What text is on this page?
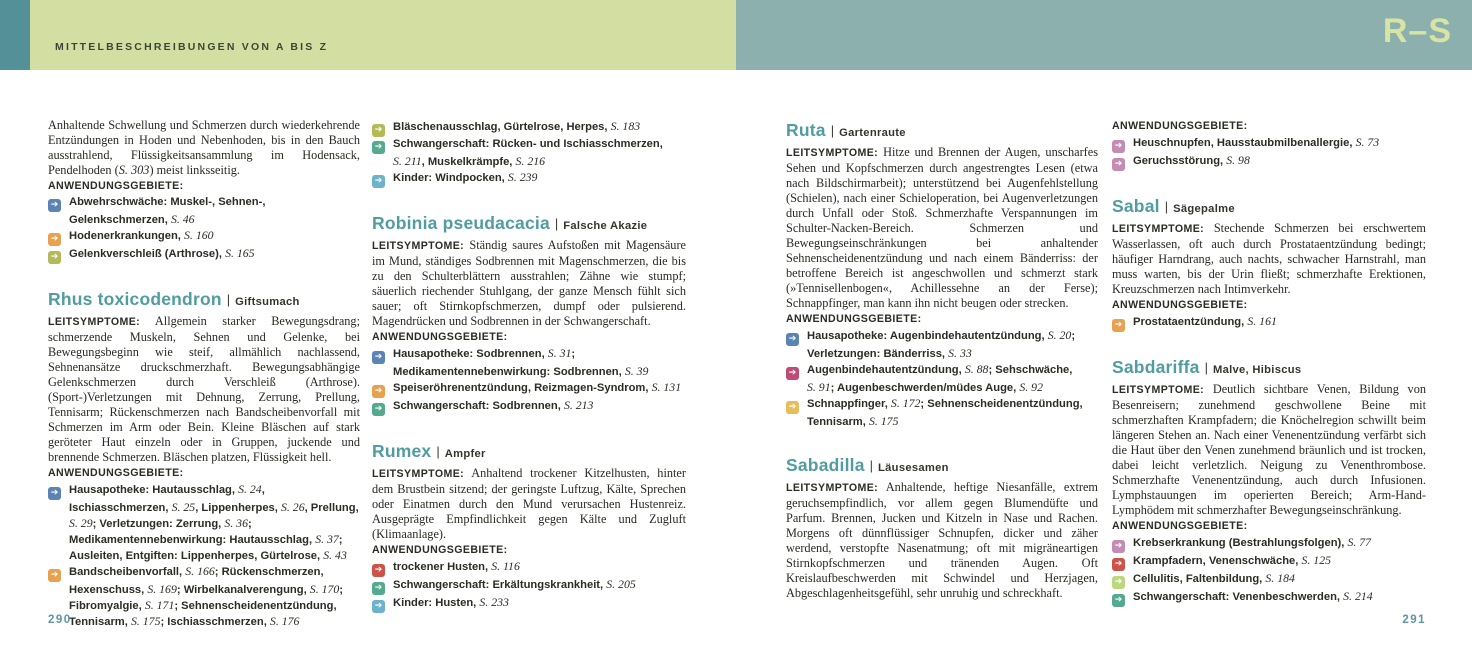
MITTELBESCHREIBUNGEN VON A BIS Z	R–S

Anhaltende Schwellung und Schmerzen durch wiederkehrende Entzündungen in Hoden und Nebenhoden, bis in den Bauch ausstrahlend, Flüssigkeitsansammlung im Hodensack, Pendelhoden (S. 303) meist linksseitig.

ANWENDUNGSGEBIETE:
➔ Abwehrschwäche: Muskel-, Sehnen-, Gelenkschmerzen, S. 46
➔ Hodenerkrankungen, S. 160
➔ Gelenkverschleiß (Arthrose), S. 165
Rhus toxicodendron | Giftsumach

LEITSYMPTOME: Allgemein starker Bewegungsdrang; schmerzende Muskeln, Sehnen und Gelenke, bei Bewegungsbeginn wie steif, allmählich nachlassend, Sehnenansätze druckschmerzhaft. Bewegungsabhängige Gelenkschmerzen durch Verschleiß (Arthrose). (Sport-)Verletzungen mit Dehnung, Zerrung, Prellung, Tennisarm; Rückenschmerzen nach Bandscheibenvorfall mit Schmerzen im Arm oder Bein. Kleine Bläschen auf stark geröteter Haut einzeln oder in Gruppen, juckende und brennende Schmerzen. Bläschen platzen, Flüssigkeit hell.

ANWENDUNGSGEBIETE:
➔ Hausapotheke: Hautausschlag, S. 24, Ischiasschmerzen, S. 25, Lippenherpes, S. 26, Prellung, S. 29; Verletzungen: Zerrung, S. 36; Medikamentennebenwirkung: Hautausschlag, S. 37; Ausleiten, Entgiften: Lippenherpes, Gürtelrose, S. 43
➔ Bandscheibenvorfall, S. 166; Rückenschmerzen, Hexenschuss, S. 169; Wirbelkanalverengung, S. 170; Fibromyalgie, S. 171; Sehnenscheidenentzündung, Tennisarm, S. 175; Ischiasschmerzen, S. 176
➔ Bläschenausschlag, Gürtelrose, Herpes, S. 183
➔ Schwangerschaft: Rücken- und Ischiasschmerzen, S. 211, Muskelkrämpfe, S. 216
➔ Kinder: Windpocken, S. 239
Robinia pseudacacia | Falsche Akazie

LEITSYMPTOME: Ständig saures Aufstoßen mit Magensäure im Mund, ständiges Sodbrennen mit Magenschmerzen, die bis zu den Schulterblättern ausstrahlen; Zähne wie stumpf; säuerlich riechender Stuhlgang, der ganze Mensch fühlt sich sauer; oft Stirnkopfschmerzen, dumpf oder pulsierend. Magendrücken und Sodbrennen in der Schwangerschaft.

ANWENDUNGSGEBIETE:
➔ Hausapotheke: Sodbrennen, S. 31; Medikamentennebenwirkung: Sodbrennen, S. 39
➔ Speiseröhrenentzündung, Reizmagen-Syndrom, S. 131
➔ Schwangerschaft: Sodbrennen, S. 213
Rumex | Ampfer

LEITSYMPTOME: Anhaltend trockener Kitzelhusten, hinter dem Brustbein sitzend; der geringste Luftzug, Kälte, Sprechen oder Einatmen durch den Mund verursachen Hustenreiz. Ausgeprägte Empfindlichkeit gegen Kälte und Zugluft (Klimaanlage).

ANWENDUNGSGEBIETE:
➔ trockener Husten, S. 116
➔ Schwangerschaft: Erkältungskrankheit, S. 205
➔ Kinder: Husten, S. 233
Ruta | Gartenraute

LEITSYMPTOME: Hitze und Brennen der Augen, unscharfes Sehen und Kopfschmerzen durch angestrengtes Lesen (etwa nach Bildschirmarbeit); unterstützend bei Augenfehlstellung (Schielen), nach einer Schieloperation, bei Augenverletzungen durch Unfall oder Stoß. Schmerzhafte Verspannungen im Schulter-Nacken-Bereich. Schmerzen und Bewegungseinschränkungen bei anhaltender Sehnenscheidenentzündung und nach einem Bänderriss: der betroffene Bereich ist angeschwollen und schmerzt stark (»Tennisellenbogen«, Achillessehne an der Ferse); Schnappfinger, man kann ihn nicht beugen oder strecken.

ANWENDUNGSGEBIETE:
➔ Hausapotheke: Augenbindehautentzündung, S. 20; Verletzungen: Bänderriss, S. 33
➔ Augenbindehautentzündung, S. 88; Sehschwäche, S. 91; Augenbeschwerden/müdes Auge, S. 92
➔ Schnappfinger, S. 172; Sehnenscheidenentzündung, Tennisarm, S. 175
Sabadilla | Läusesamen

LEITSYMPTOME: Anhaltende, heftige Niesanfälle, extrem geruchsempfindlich, vor allem gegen Blumendüfte und Parfum. Brennen, Jucken und Kitzeln in Nase und Rachen. Morgens oft dünnflüssiger Schnupfen, dicker und zäher werdend, verstopfte Nasenatmung; oft mit migräneartigen Stirnkopfschmerzen und tränenden Augen. Oft Kreislaufbeschwerden mit Schwindel und Herzjagen, Abgeschlagenheitsgefühl, sehr unruhig und schreckhaft.

ANWENDUNGSGEBIETE:
➔ Heuschnupfen, Hausstaubmilbenallergie, S. 73
➔ Geruchsstörung, S. 98
Sabal | Sägepalme

LEITSYMPTOME: Stechende Schmerzen bei erschwertem Wasserlassen, oft auch durch Prostataentzündung bedingt; häufiger Harndrang, auch nachts, schwacher Harnstrahl, man muss warten, bis der Urin fließt; schmerzhafte Erektionen, Kreuzschmerzen nach Intimverkehr.

ANWENDUNGSGEBIETE:
➔ Prostataentzündung, S. 161
Sabdariffa | Malve, Hibiscus

LEITSYMPTOME: Deutlich sichtbare Venen, Bildung von Besenreisern; zunehmend geschwollene Beine mit schmerzhaften Krampfadern; die Knöchelregion schwillt beim längeren Stehen an. Nach einer Venenentzündung verfärbt sich die Haut über den Venen zunehmend bräunlich und ist trocken, dabei leicht verletzlich. Neigung zu Venenthrombose. Schmerzhafte Venenentzündung, auch durch Infusionen. Lymphstauungen im operierten Bereich; Arm-Hand-Lymphödem mit schmerzhafter Bewegungseinschränkung.

ANWENDUNGSGEBIETE:
➔ Krebserkrankung (Bestrahlungsfolgen), S. 77
➔ Krampfadern, Venenschwäche, S. 125
➔ Cellulitis, Faltenbildung, S. 184
➔ Schwangerschaft: Venenbeschwerden, S. 214
290	291
